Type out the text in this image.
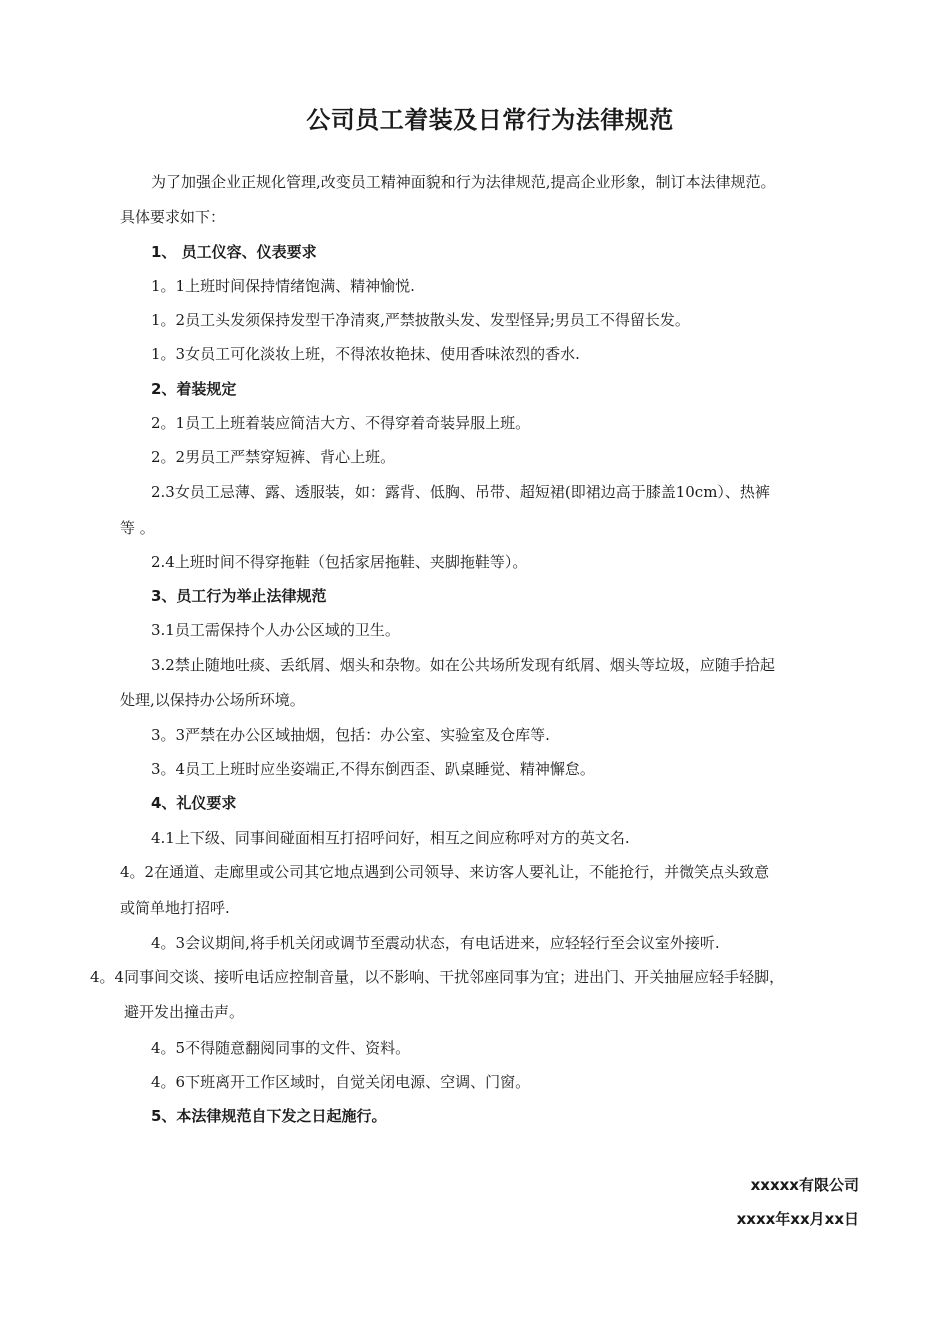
公司员工着装及日常行为法律规范
为了加强企业正规化管理,改变员工精神面貌和行为法律规范,提高企业形象，制订本法律规范。
具体要求如下：
1、 员工仪容、仪表要求
1。1上班时间保持情绪饱满、精神愉悦.
1。2员工头发须保持发型干净清爽,严禁披散头发、发型怪异;男员工不得留长发。
1。3女员工可化淡妆上班，不得浓妆艳抹、使用香味浓烈的香水.
2、着装规定
2。1员工上班着装应简洁大方、不得穿着奇装异服上班。
2。2男员工严禁穿短裤、背心上班。
2.3女员工忌薄、露、透服装，如：露背、低胸、吊带、超短裙(即裙边高于膝盖10cm）、热裤
等 。
2.4上班时间不得穿拖鞋（包括家居拖鞋、夹脚拖鞋等）。
3、员工行为举止法律规范
3.1员工需保持个人办公区域的卫生。
3.2禁止随地吐痰、丢纸屑、烟头和杂物。如在公共场所发现有纸屑、烟头等垃圾，应随手拾起
处理,以保持办公场所环境。
3。3严禁在办公区域抽烟，包括：办公室、实验室及仓库等.
3。4员工上班时应坐姿端正,不得东倒西歪、趴桌睡觉、精神懈怠。
4、礼仪要求
4.1上下级、同事间碰面相互打招呼问好，相互之间应称呼对方的英文名.
4。2在通道、走廊里或公司其它地点遇到公司领导、来访客人要礼让，不能抢行，并微笑点头致意
或简单地打招呼.
4。3会议期间,将手机关闭或调节至震动状态，有电话进来，应轻轻行至会议室外接听.
4。4同事间交谈、接听电话应控制音量，以不影响、干扰邻座同事为宜；进出门、开关抽屉应轻手轻脚，
避开发出撞击声。
4。5不得随意翻阅同事的文件、资料。
4。6下班离开工作区域时，自觉关闭电源、空调、门窗。
5、本法律规范自下发之日起施行。
xxxxx有限公司
xxxx年xx月xx日
